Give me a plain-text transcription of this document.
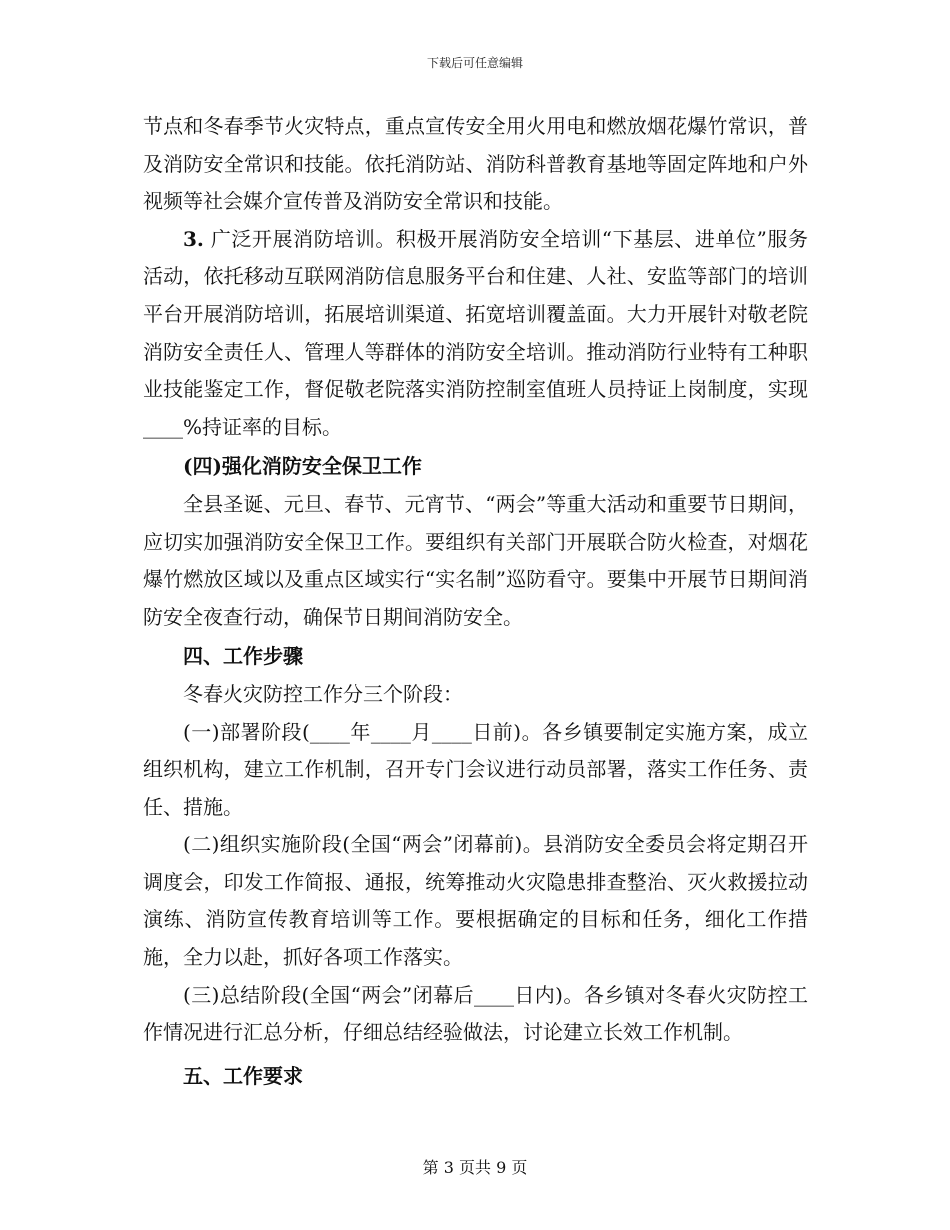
下载后可任意编辑

节点和冬春季节火灾特点，重点宣传安全用火用电和燃放烟花爆竹常识，普及消防安全常识和技能。依托消防站、消防科普教育基地等固定阵地和户外视频等社会媒介宣传普及消防安全常识和技能。

3. 广泛开展消防培训。积极开展消防安全培训“下基层、进单位”服务活动，依托移动互联网消防信息服务平台和住建、人社、安监等部门的培训平台开展消防培训，拓展培训渠道、拓宽培训覆盖面。大力开展针对敬老院消防安全责任人、管理人等群体的消防安全培训。推动消防行业特有工种职业技能鉴定工作，督促敬老院落实消防控制室值班人员持证上岗制度，实现____%持证率的目标。

(四)强化消防安全保卫工作

全县圣诞、元旦、春节、元宵节、“两会”等重大活动和重要节日期间，应切实加强消防安全保卫工作。要组织有关部门开展联合防火检查，对烟花爆竹燃放区域以及重点区域实行“实名制”巡防看守。要集中开展节日期间消防安全夜查行动，确保节日期间消防安全。

四、工作步骤

冬春火灾防控工作分三个阶段：

(一)部署阶段(____年____月____日前)。各乡镇要制定实施方案，成立组织机构，建立工作机制，召开专门会议进行动员部署，落实工作任务、责任、措施。

(二)组织实施阶段(全国“两会”闭幕前)。县消防安全委员会将定期召开调度会，印发工作简报、通报，统筹推动火灾隐患排查整治、灭火救援拉动演练、消防宣传教育培训等工作。要根据确定的目标和任务，细化工作措施，全力以赴，抓好各项工作落实。

(三)总结阶段(全国“两会”闭幕后____日内)。各乡镇对冬春火灾防控工作情况进行汇总分析，仔细总结经验做法，讨论建立长效工作机制。

五、工作要求

第 3 页共 9 页
